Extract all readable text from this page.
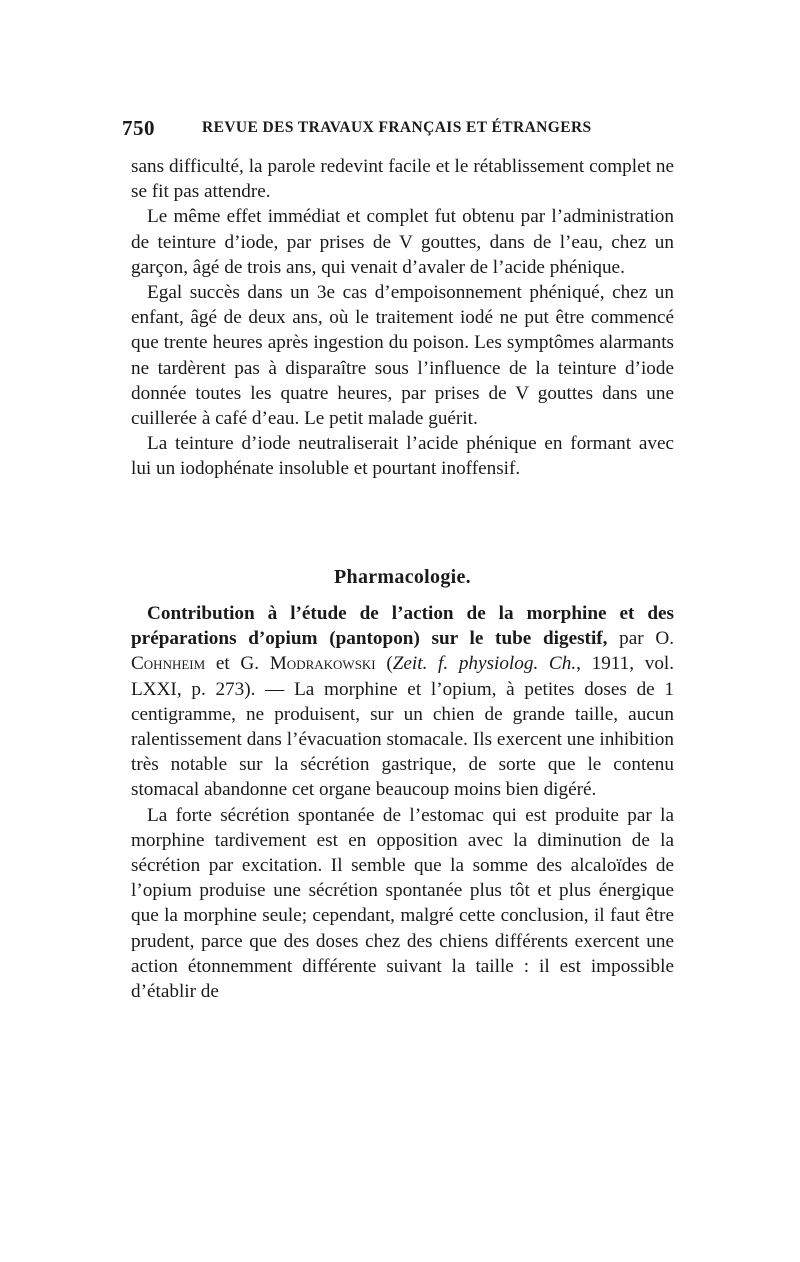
750	REVUE DES TRAVAUX FRANÇAIS ET ÉTRANGERS

sans difficulté, la parole redevint facile et le rétablissement complet ne se fit pas attendre.

Le même effet immédiat et complet fut obtenu par l’administration de teinture d’iode, par prises de V gouttes, dans de l’eau, chez un garçon, âgé de trois ans, qui venait d’avaler de l’acide phénique.

Egal succès dans un 3e cas d’empoisonnement phéniqué, chez un enfant, âgé de deux ans, où le traitement iodé ne put être commencé que trente heures après ingestion du poison. Les symptômes alarmants ne tardèrent pas à disparaître sous l’influence de la teinture d’iode donnée toutes les quatre heures, par prises de V gouttes dans une cuillerée à café d’eau. Le petit malade guérit.

La teinture d’iode neutraliserait l’acide phénique en formant avec lui un iodophénate insoluble et pourtant inoffensif.

Pharmacologie.

Contribution à l’étude de l’action de la morphine et des préparations d’opium (pantopon) sur le tube digestif, par O. Cohnheim et G. Modrakowski (Zeit. f. physiolog. Ch., 1911, vol. LXXI, p. 273). — La morphine et l’opium, à petites doses de 1 centigramme, ne produisent, sur un chien de grande taille, aucun ralentissement dans l’évacuation stomacale. Ils exercent une inhibition très notable sur la sécrétion gastrique, de sorte que le contenu stomacal abandonne cet organe beaucoup moins bien digéré.

La forte sécrétion spontanée de l’estomac qui est produite par la morphine tardivement est en opposition avec la diminution de la sécrétion par excitation. Il semble que la somme des alcaloïdes de l’opium produise une sécrétion spontanée plus tôt et plus énergique que la morphine seule; cependant, malgré cette conclusion, il faut être prudent, parce que des doses chez des chiens différents exercent une action étonnemment différente suivant la taille : il est impossible d’établir de
